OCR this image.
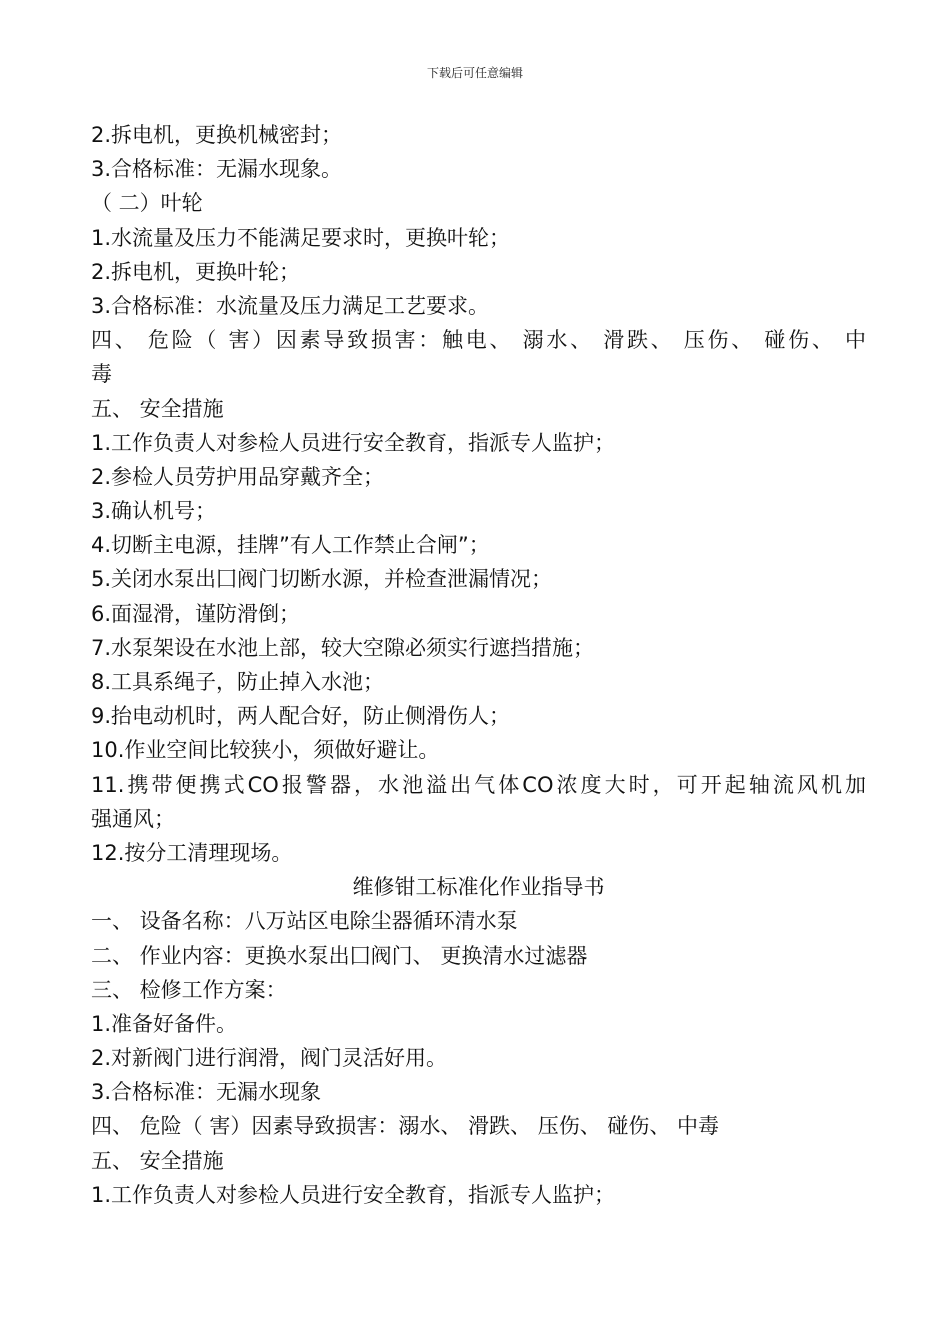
下载后可任意编辑
2.拆电机，更换机械密封；
3.合格标准：无漏水现象。
（ 二）叶轮
1.水流量及压力不能满足要求时，更换叶轮；
2.拆电机，更换叶轮；
3.合格标准：水流量及压力满足工艺要求。
四、 危险（ 害）因素导致损害：触电、 溺水、 滑跌、 压伤、 碰伤、 中
毒
五、 安全措施
1.工作负责人对参检人员进行安全教育，指派专人监护；
2.参检人员劳护用品穿戴齐全；
3.确认机号；
4.切断主电源，挂牌”有人工作禁止合闸”；
5.关闭水泵出囗阀门切断水源，并检查泄漏情况；
6.面湿滑，谨防滑倒；
7.水泵架设在水池上部，较大空隙必须实行遮挡措施；
8.工具系绳子，防止掉入水池；
9.抬电动机时，两人配合好，防止侧滑伤人；
10.作业空间比较狭小，须做好避让。
11.携带便携式CO报警器，水池溢出气体CO浓度大时，可开起轴流风机加
强通风；
12.按分工清理现场。
维修钳工标准化作业指导书
一、 设备名称：八万站区电除尘器循环清水泵
二、 作业内容：更换水泵出囗阀门、 更换清水过滤器
三、 检修工作方案：
1.准备好备件。
2.对新阀门进行润滑，阀门灵活好用。
3.合格标准：无漏水现象
四、 危险（ 害）因素导致损害：溺水、 滑跌、 压伤、 碰伤、 中毒
五、 安全措施
1.工作负责人对参检人员进行安全教育，指派专人监护；
